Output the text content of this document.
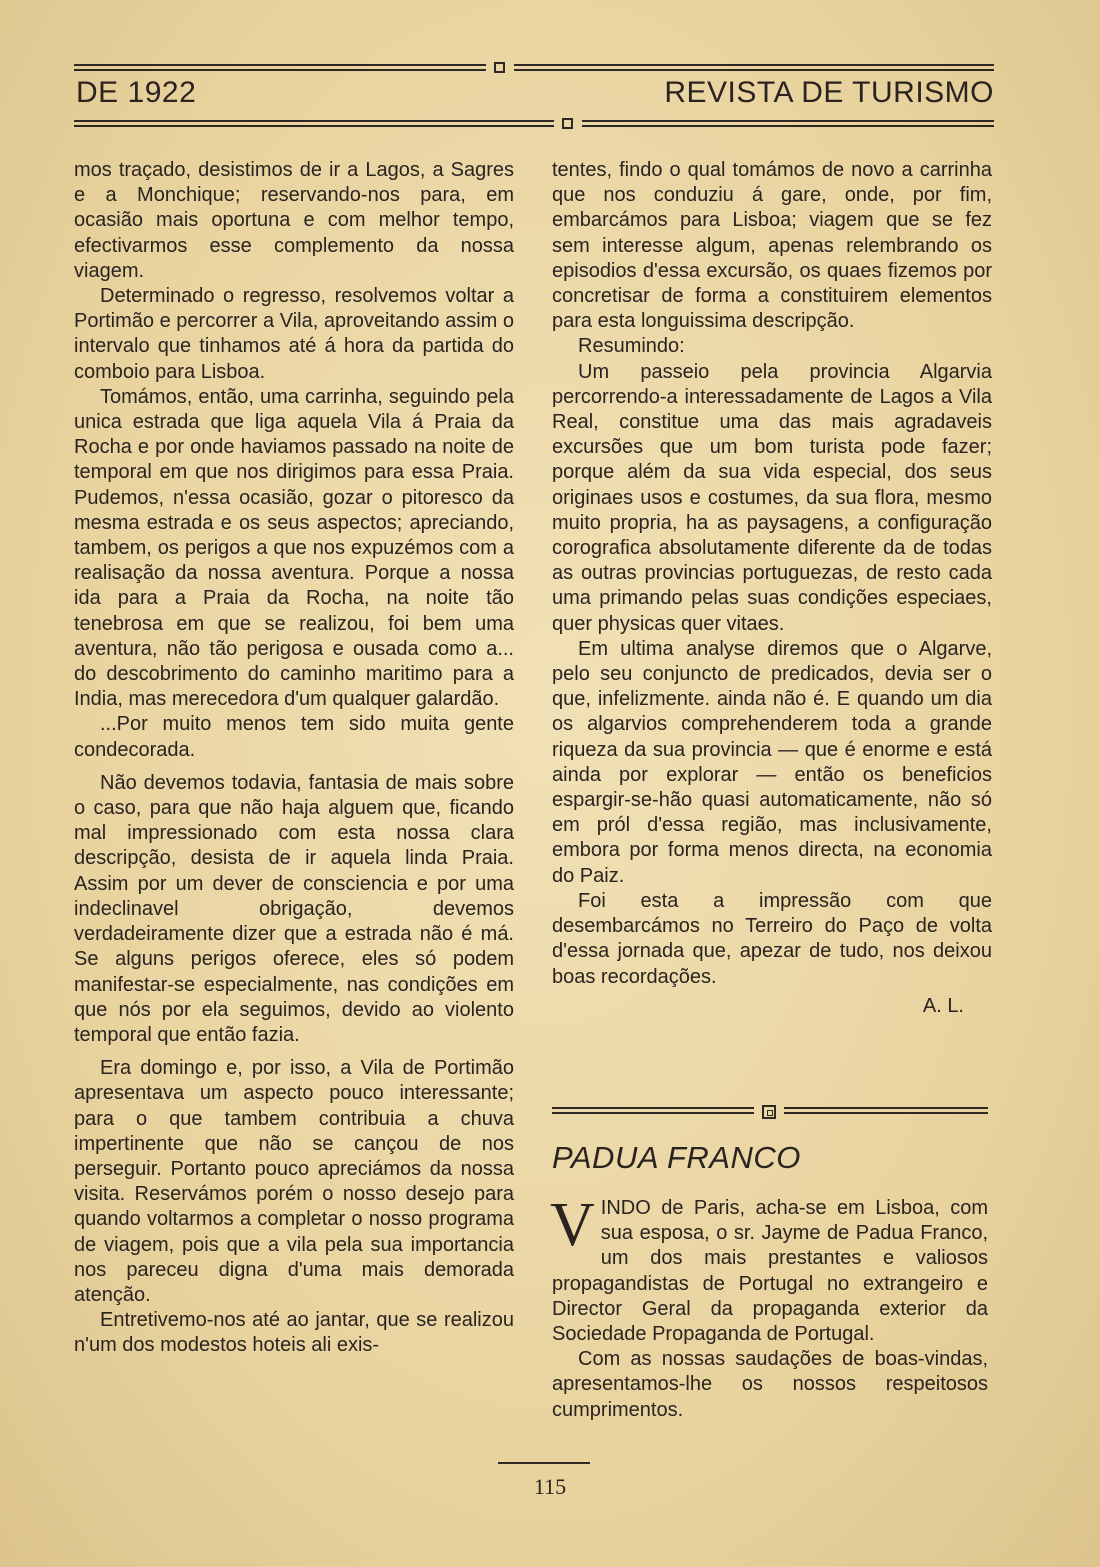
DE 1922	REVISTA DE TURISMO

mos traçado, desistimos de ir a Lagos, a Sagres e a Monchique; reservando-nos para, em ocasião mais oportuna e com melhor tempo, efectivarmos esse complemento da nossa viagem.

Determinado o regresso, resolvemos voltar a Portimão e percorrer a Vila, aproveitando assim o intervalo que tinhamos até á hora da partida do comboio para Lisboa.

Tomámos, então, uma carrinha, seguindo pela unica estrada que liga aquela Vila á Praia da Rocha e por onde haviamos passado na noite de temporal em que nos dirigimos para essa Praia. Pudemos, n'essa ocasião, gozar o pitoresco da mesma estrada e os seus aspectos; apreciando, tambem, os perigos a que nos expuzémos com a realisação da nossa aventura. Porque a nossa ida para a Praia da Rocha, na noite tão tenebrosa em que se realizou, foi bem uma aventura, não tão perigosa e ousada como a... do descobrimento do caminho maritimo para a India, mas merecedora d'um qualquer galardão.

...Por muito menos tem sido muita gente condecorada.

Não devemos todavia, fantasia de mais sobre o caso, para que não haja alguem que, ficando mal impressionado com esta nossa clara descripção, desista de ir aquela linda Praia. Assim por um dever de consciencia e por uma indeclinavel obrigação, devemos verdadeiramente dizer que a estrada não é má. Se alguns perigos oferece, eles só podem manifestar-se especialmente, nas condições em que nós por ela seguimos, devido ao violento temporal que então fazia.

Era domingo e, por isso, a Vila de Portimão apresentava um aspecto pouco interessante; para o que tambem contribuia a chuva impertinente que não se cançou de nos perseguir. Portanto pouco apreciámos da nossa visita. Reservámos porém o nosso desejo para quando voltarmos a completar o nosso programa de viagem, pois que a vila pela sua importancia nos pareceu digna d'uma mais demorada atenção.

Entretivemo-nos até ao jantar, que se realizou n'um dos modestos hoteis ali exis-

tentes, findo o qual tomámos de novo a carrinha que nos conduziu á gare, onde, por fim, embarcámos para Lisboa; viagem que se fez sem interesse algum, apenas relembrando os episodios d'essa excursão, os quaes fizemos por concretisar de forma a constituirem elementos para esta longuissima descripção.

Resumindo:

Um passeio pela provincia Algarvia percorrendo-a interessadamente de Lagos a Vila Real, constitue uma das mais agradaveis excursões que um bom turista pode fazer; porque além da sua vida especial, dos seus originaes usos e costumes, da sua flora, mesmo muito propria, ha as paysagens, a configuração corografica absolutamente diferente da de todas as outras provincias portuguezas, de resto cada uma primando pelas suas condições especiaes, quer physicas quer vitaes.

Em ultima analyse diremos que o Algarve, pelo seu conjuncto de predicados, devia ser o que, infelizmente. ainda não é. E quando um dia os algarvios comprehenderem toda a grande riqueza da sua provincia — que é enorme e está ainda por explorar — então os beneficios espargir-se-hão quasi automaticamente, não só em pról d'essa região, mas inclusivamente, embora por forma menos directa, na economia do Paiz.

Foi esta a impressão com que desembarcámos no Terreiro do Paço de volta d'essa jornada que, apezar de tudo, nos deixou boas recordações.

A. L.
PADUA FRANCO

VINDO de Paris, acha-se em Lisboa, com sua esposa, o sr. Jayme de Padua Franco, um dos mais prestantes e valiosos propagandistas de Portugal no extrangeiro e Director Geral da propaganda exterior da Sociedade Propaganda de Portugal.

Com as nossas saudações de boas-vindas, apresentamos-lhe os nossos respeitosos cumprimentos.

115
